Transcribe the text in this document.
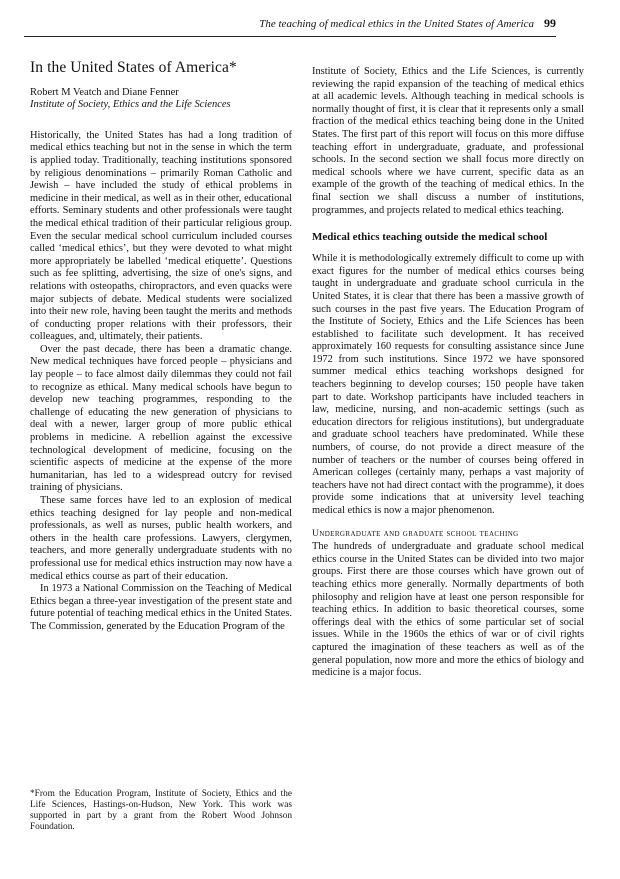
The teaching of medical ethics in the United States of America 99
In the United States of America*
Robert M Veatch and Diane Fenner
Institute of Society, Ethics and the Life Sciences

Historically, the United States has had a long tradition of medical ethics teaching but not in the sense in which the term is applied today. Traditionally, teaching institutions sponsored by religious denominations – primarily Roman Catholic and Jewish – have included the study of ethical problems in medicine in their medical, as well as in their other, educational efforts. Seminary students and other professionals were taught the medical ethical tradition of their particular religious group. Even the secular medical school curriculum included courses called ‘medical ethics’, but they were devoted to what might more appropriately be labelled ‘medical etiquette’. Questions such as fee splitting, advertising, the size of one's signs, and relations with osteopaths, chiropractors, and even quacks were major subjects of debate. Medical students were socialized into their new role, having been taught the merits and methods of conducting proper relations with their professors, their colleagues, and, ultimately, their patients.

Over the past decade, there has been a dramatic change. New medical techniques have forced people – physicians and lay people – to face almost daily dilemmas they could not fail to recognize as ethical. Many medical schools have begun to develop new teaching programmes, responding to the challenge of educating the new generation of physicians to deal with a newer, larger group of more public ethical problems in medicine. A rebellion against the excessive technological development of medicine, focusing on the scientific aspects of medicine at the expense of the more humanitarian, has led to a widespread outcry for revised training of physicians.

These same forces have led to an explosion of medical ethics teaching designed for lay people and non-medical professionals, as well as nurses, public health workers, and others in the health care professions. Lawyers, clergymen, teachers, and more generally undergraduate students with no professional use for medical ethics instruction may now have a medical ethics course as part of their education.

In 1973 a National Commission on the Teaching of Medical Ethics began a three-year investigation of the present state and future potential of teaching medical ethics in the United States. The Commission, generated by the Education Program of the

*From the Education Program, Institute of Society, Ethics and the Life Sciences, Hastings-on-Hudson, New York. This work was supported in part by a grant from the Robert Wood Johnson Foundation.

Institute of Society, Ethics and the Life Sciences, is currently reviewing the rapid expansion of the teaching of medical ethics at all academic levels. Although teaching in medical schools is normally thought of first, it is clear that it represents only a small fraction of the medical ethics teaching being done in the United States. The first part of this report will focus on this more diffuse teaching effort in undergraduate, graduate, and professional schools. In the second section we shall focus more directly on medical schools where we have current, specific data as an example of the growth of the teaching of medical ethics. In the final section we shall discuss a number of institutions, programmes, and projects related to medical ethics teaching.

Medical ethics teaching outside the medical school

While it is methodologically extremely difficult to come up with exact figures for the number of medical ethics courses being taught in undergraduate and graduate school curricula in the United States, it is clear that there has been a massive growth of such courses in the past five years. The Education Program of the Institute of Society, Ethics and the Life Sciences has been established to facilitate such development. It has received approximately 160 requests for consulting assistance since June 1972 from such institutions. Since 1972 we have sponsored summer medical ethics teaching workshops designed for teachers beginning to develop courses; 150 people have taken part to date. Workshop participants have included teachers in law, medicine, nursing, and non-academic settings (such as education directors for religious institutions), but undergraduate and graduate school teachers have predominated. While these numbers, of course, do not provide a direct measure of the number of teachers or the number of courses being offered in American colleges (certainly many, perhaps a vast majority of teachers have not had direct contact with the programme), it does provide some indications that at university level teaching medical ethics is now a major phenomenon.

Undergraduate and graduate school teaching

The hundreds of undergraduate and graduate school medical ethics course in the United States can be divided into two major groups. First there are those courses which have grown out of teaching ethics more generally. Normally departments of both philosophy and religion have at least one person responsible for teaching ethics. In addition to basic theoretical courses, some offerings deal with the ethics of some particular set of social issues. While in the 1960s the ethics of war or of civil rights captured the imagination of these teachers as well as of the general population, now more and more the ethics of biology and medicine is a major focus.
